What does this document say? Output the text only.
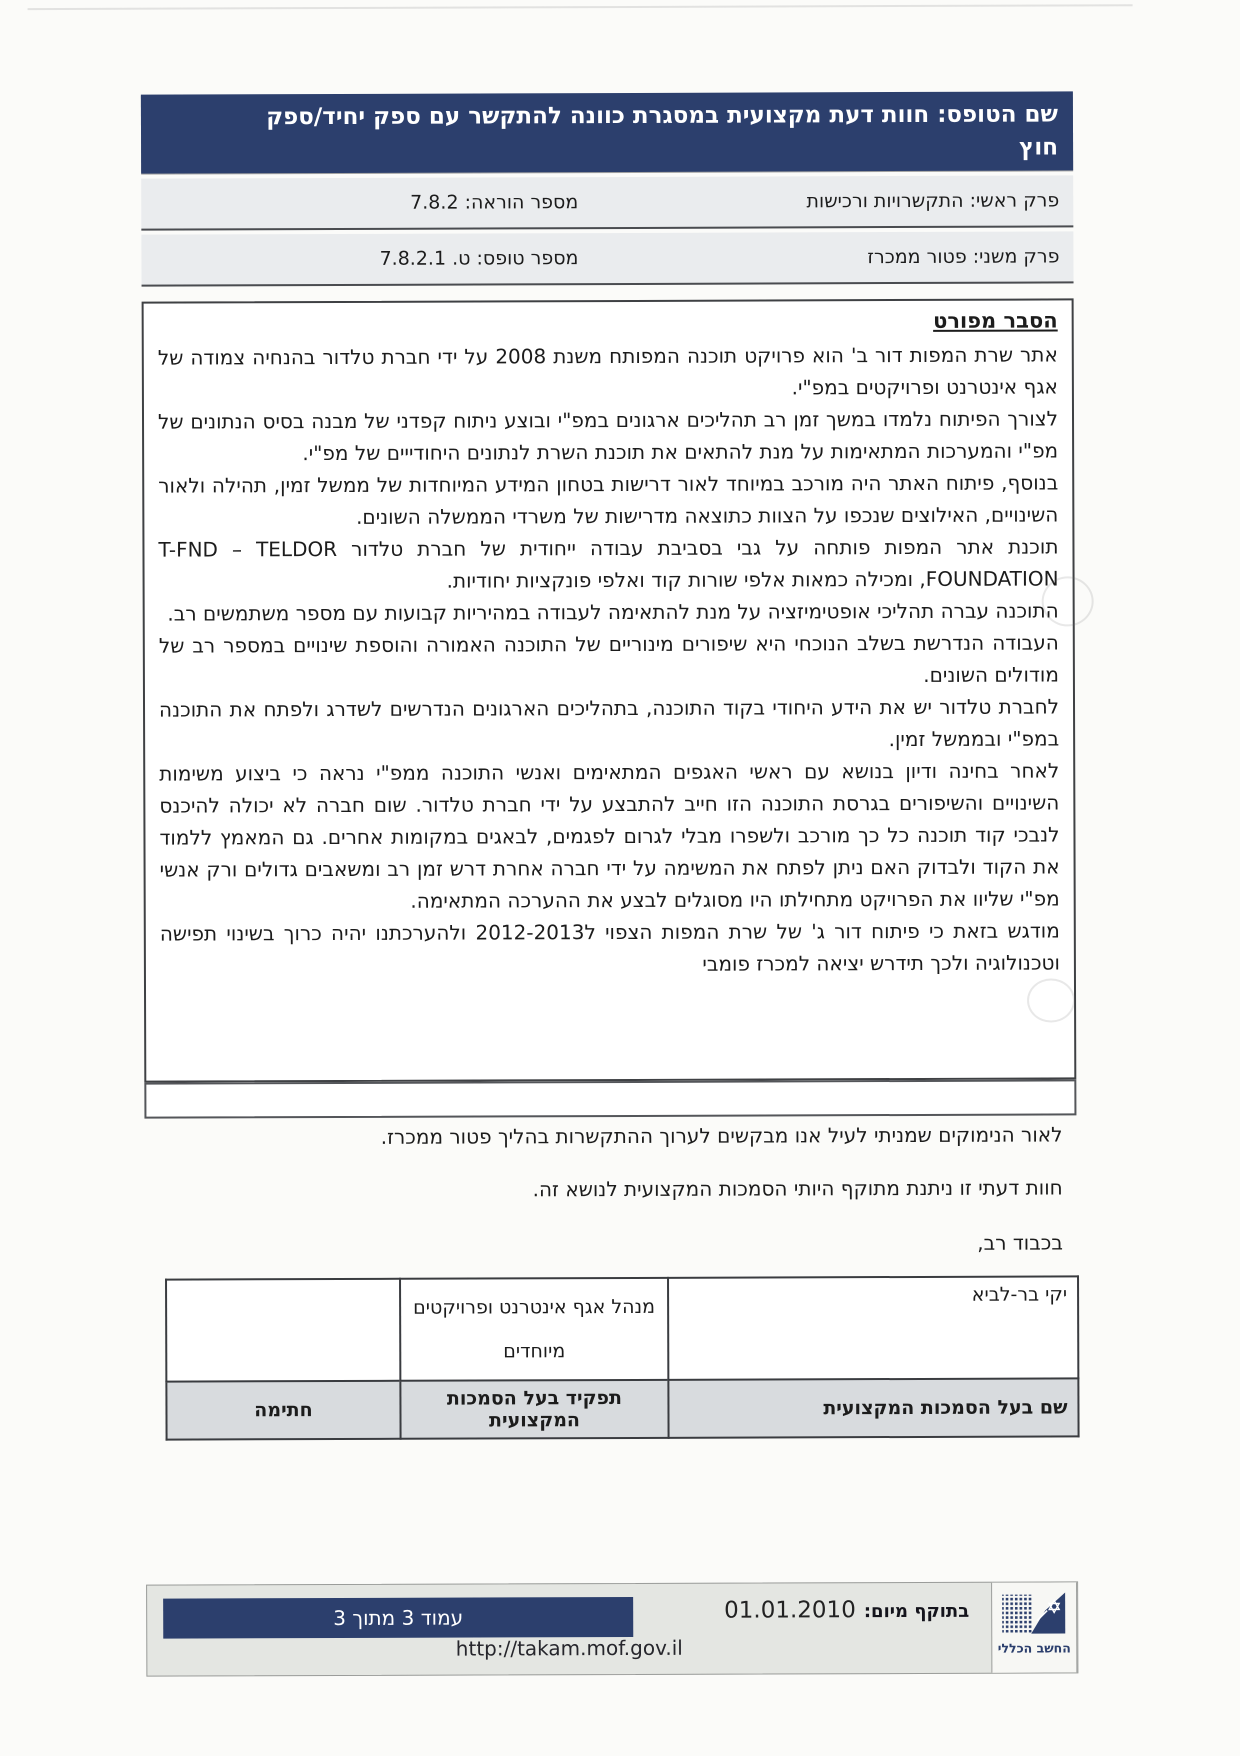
שם הטופס: חוות דעת מקצועית במסגרת כוונה להתקשר עם ספק יחיד/ספק
חוץ
פרק ראשי: התקשרויות ורכישות
מספר הוראה: 7.8.2
פרק משני: פטור ממכרז
מספר טופס: ט. 7.8.2.1
הסבר מפורט

אתר שרת המפות דור ב' הוא פרויקט תוכנה המפותח משנת 2008 על ידי חברת טלדור בהנחיה צמודה של אגף אינטרנט ופרויקטים במפ"י.

לצורך הפיתוח נלמדו במשך זמן רב תהליכים ארגונים במפ"י ובוצע ניתוח קפדני של מבנה בסיס הנתונים של מפ"י והמערכות המתאימות על מנת להתאים את תוכנת השרת לנתונים היחודייים של מפ"י.

בנוסף, פיתוח האתר היה מורכב במיוחד לאור דרישות בטחון המידע המיוחדות של ממשל זמין, תהילה ולאור השינויים, האילוצים שנכפו על הצוות כתוצאה מדרישות של משרדי הממשלה השונים.

תוכנת אתר המפות פותחה על גבי בסביבת עבודה ייחודית של חברת טלדור T-FND – TELDOR FOUNDATION, ומכילה כמאות אלפי שורות קוד ואלפי פונקציות יחודיות.

התוכנה עברה תהליכי אופטימיזציה על מנת להתאימה לעבודה במהיריות קבועות עם מספר משתמשים רב.

העבודה הנדרשת בשלב הנוכחי היא שיפורים מינוריים של התוכנה האמורה והוספת שינויים במספר רב של מודולים השונים.

לחברת טלדור יש את הידע היחודי בקוד התוכנה, בתהליכים הארגונים הנדרשים לשדרג ולפתח את התוכנה במפ"י ובממשל זמין.

לאחר בחינה ודיון בנושא עם ראשי האגפים המתאימים ואנשי התוכנה ממפ"י נראה כי ביצוע משימות השינויים והשיפורים בגרסת התוכנה הזו חייב להתבצע על ידי חברת טלדור. שום חברה לא יכולה להיכנס לנבכי קוד תוכנה כל כך מורכב ולשפרו מבלי לגרום לפגמים, לבאגים במקומות אחרים. גם המאמץ ללמוד את הקוד ולבדוק האם ניתן לפתח את המשימה על ידי חברה אחרת דרש זמן רב ומשאבים גדולים ורק אנשי מפ"י שליוו את הפרויקט מתחילתו היו מסוגלים לבצע את ההערכה המתאימה.

מודגש בזאת כי פיתוח דור ג' של שרת המפות הצפוי ל2012-2013 ולהערכתנו יהיה כרוך בשינוי תפישה וטכנולוגיה ולכך תידרש יציאה למכרז פומבי

לאור הנימוקים שמניתי לעיל אנו מבקשים לערוך ההתקשרות בהליך פטור ממכרז.
חוות דעתי זו ניתנת מתוקף היותי הסמכות המקצועית לנושא זה.
בכבוד רב,
יקי בר-לביא	מנהל אגף אינטרנט ופרויקטים מיוחדים	
שם בעל הסמכות המקצועית	תפקיד בעל הסמכות המקצועית	חתימה
עמוד 3 מתוך 3	בתוקף מיום:
01.01.2010
http://takam.mof.gov.il	החשב הכללי
